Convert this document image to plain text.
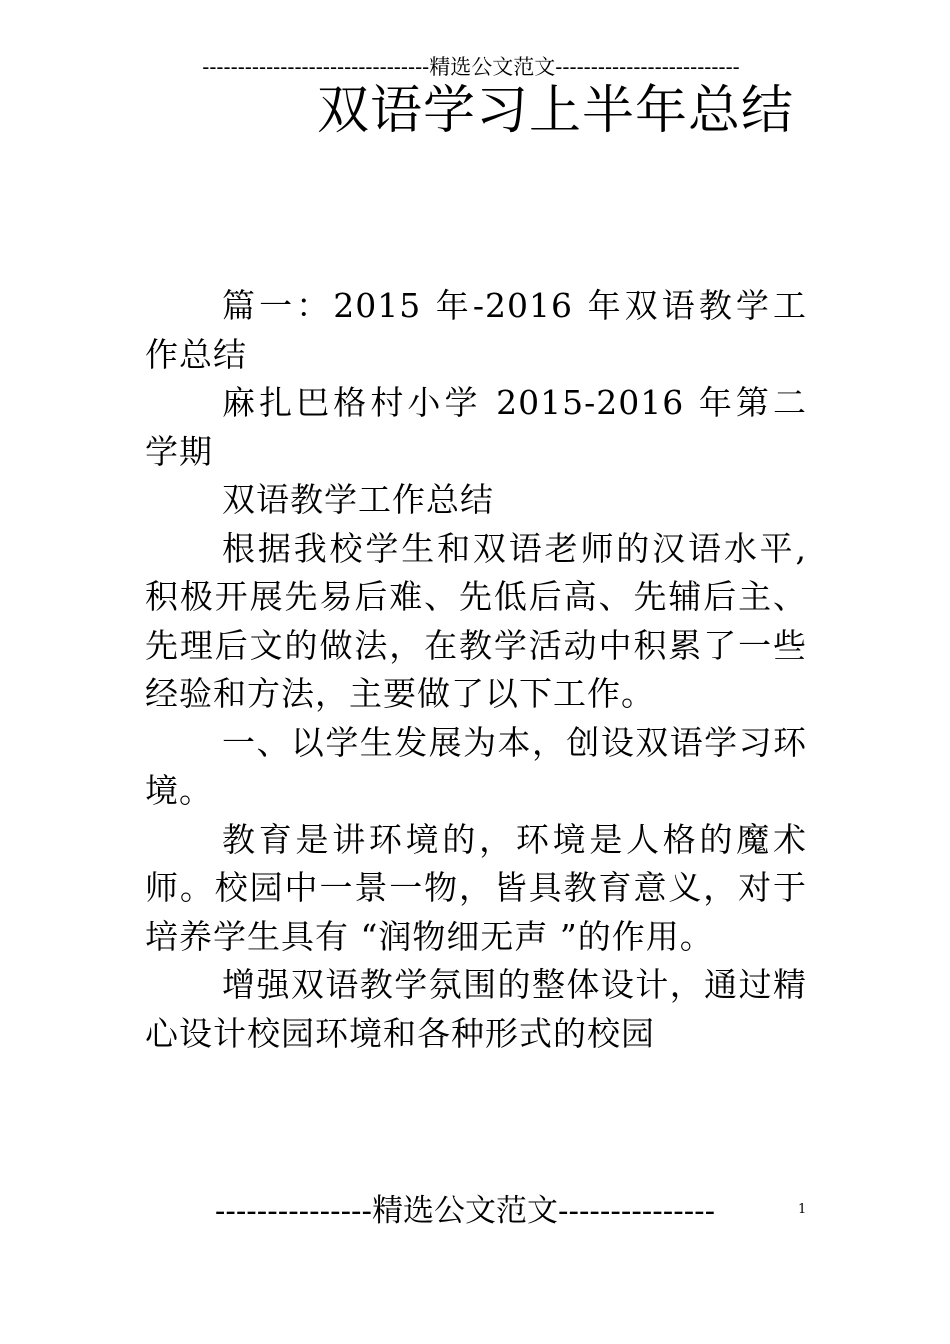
--------------------------------精选公文范文--------------------------
双语学习上半年总结

篇一：2015 年-2016 年双语教学工作总结

麻扎巴格村小学 2015-2016 年第二学期

双语教学工作总结

根据我校学生和双语老师的汉语水平,积极开展先易后难、先低后高、先辅后主、先理后文的做法，在教学活动中积累了一些经验和方法，主要做了以下工作。

一、以学生发展为本，创设双语学习环境。

教育是讲环境的，环境是人格的魔术师。校园中一景一物，皆具教育意义，对于培养学生具有 “润物细无声 ”的作用。

增强双语教学氛围的整体设计，通过精心设计校园环境和各种形式的校园

---------------精选公文范文---------------	1
